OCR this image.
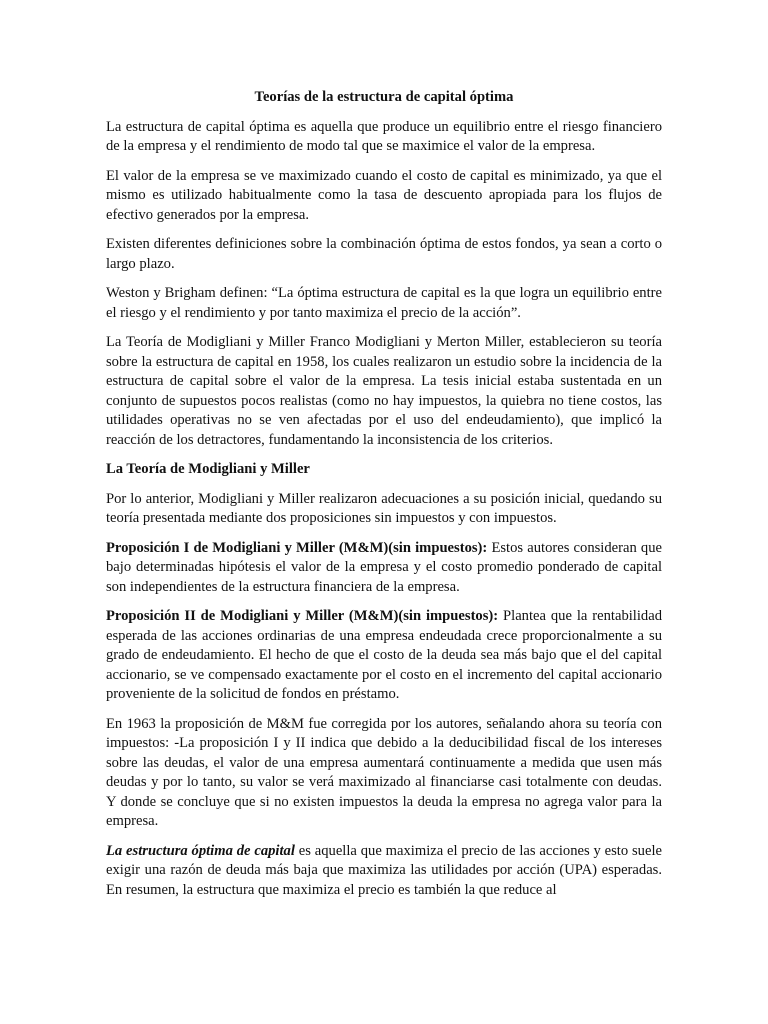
Teorías de la estructura de capital óptima

La estructura de capital óptima es aquella que produce un equilibrio entre el riesgo financiero de la empresa y el rendimiento de modo tal que se maximice el valor de la empresa.

El valor de la empresa se ve maximizado cuando el costo de capital es minimizado, ya que el mismo es utilizado habitualmente como la tasa de descuento apropiada para los flujos de efectivo generados por la empresa.

Existen diferentes definiciones sobre la combinación óptima de estos fondos, ya sean a corto o largo plazo.

Weston y Brigham definen: “La óptima estructura de capital es la que logra un equilibrio entre el riesgo y el rendimiento y por tanto maximiza el precio de la acción”.

La Teoría de Modigliani y Miller Franco Modigliani y Merton Miller, establecieron su teoría sobre la estructura de capital en 1958, los cuales realizaron un estudio sobre la incidencia de la estructura de capital sobre el valor de la empresa. La tesis inicial estaba sustentada en un conjunto de supuestos pocos realistas (como no hay impuestos, la quiebra no tiene costos, las utilidades operativas no se ven afectadas por el uso del endeudamiento), que implicó la reacción de los detractores, fundamentando la inconsistencia de los criterios.

La Teoría de Modigliani y Miller

Por lo anterior, Modigliani y Miller realizaron adecuaciones a su posición inicial, quedando su teoría presentada mediante dos proposiciones sin impuestos y con impuestos.

Proposición I de Modigliani y Miller (M&M)(sin impuestos): Estos autores consideran que bajo determinadas hipótesis el valor de la empresa y el costo promedio ponderado de capital son independientes de la estructura financiera de la empresa.

Proposición II de Modigliani y Miller (M&M)(sin impuestos): Plantea que la rentabilidad esperada de las acciones ordinarias de una empresa endeudada crece proporcionalmente a su grado de endeudamiento. El hecho de que el costo de la deuda sea más bajo que el del capital accionario, se ve compensado exactamente por el costo en el incremento del capital accionario proveniente de la solicitud de fondos en préstamo.

En 1963 la proposición de M&M fue corregida por los autores, señalando ahora su teoría con impuestos: -La proposición I y II indica que debido a la deducibilidad fiscal de los intereses sobre las deudas, el valor de una empresa aumentará continuamente a medida que usen más deudas y por lo tanto, su valor se verá maximizado al financiarse casi totalmente con deudas. Y donde se concluye que si no existen impuestos la deuda la empresa no agrega valor para la empresa.

La estructura óptima de capital es aquella que maximiza el precio de las acciones y esto suele exigir una razón de deuda más baja que maximiza las utilidades por acción (UPA) esperadas. En resumen, la estructura que maximiza el precio es también la que reduce al
